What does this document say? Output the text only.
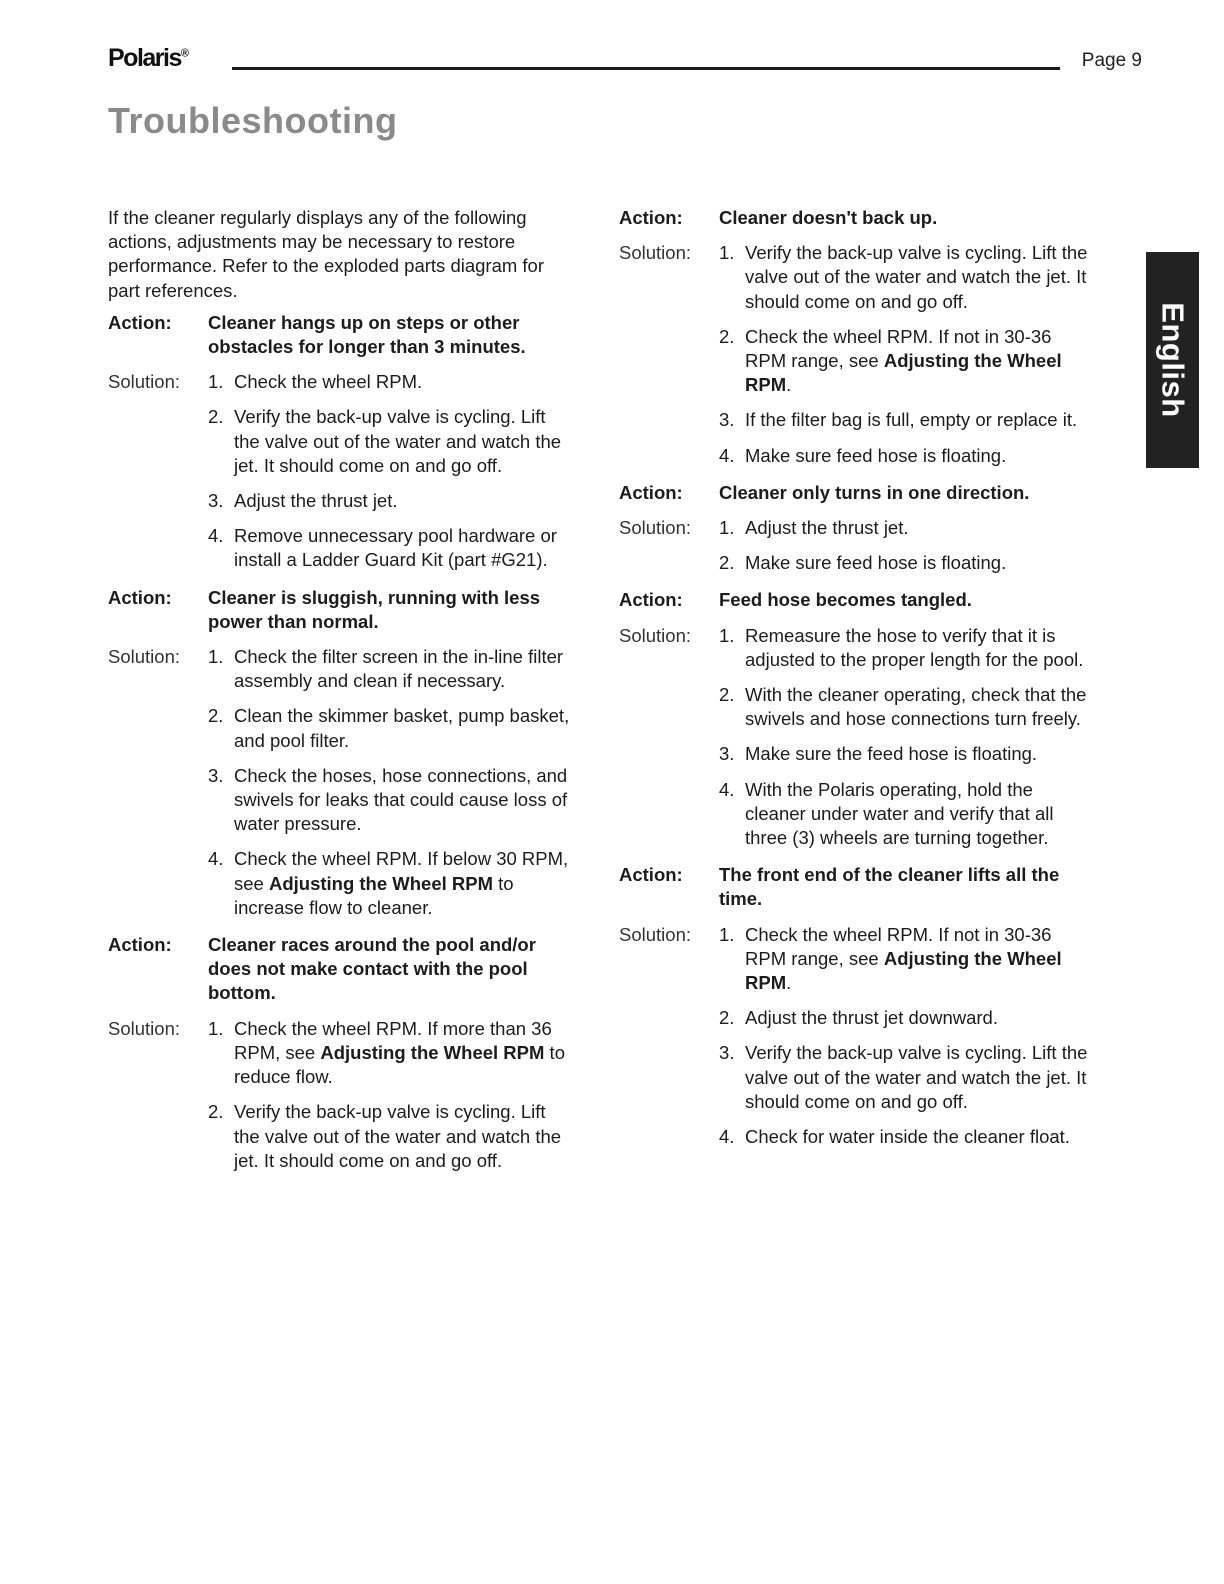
Polaris®	Page 9
Troubleshooting
English

If the cleaner regularly displays any of the following actions, adjustments may be necessary to restore performance. Refer to the exploded parts diagram for part references.

Action:	Cleaner hangs up on steps or other obstacles for longer than 3 minutes.
Solution:	1. Check the wheel RPM.
2. Verify the back-up valve is cycling. Lift the valve out of the water and watch the jet. It should come on and go off.
3. Adjust the thrust jet.
4. Remove unnecessary pool hardware or install a Ladder Guard Kit (part #G21).
Action:	Cleaner is sluggish, running with less power than normal.
Solution:	1. Check the filter screen in the in-line filter assembly and clean if necessary.
2. Clean the skimmer basket, pump basket, and pool filter.
3. Check the hoses, hose connections, and swivels for leaks that could cause loss of water pressure.
4. Check the wheel RPM. If below 30 RPM, see Adjusting the Wheel RPM to increase flow to cleaner.
Action:	Cleaner races around the pool and/or does not make contact with the pool bottom.
Solution:	1. Check the wheel RPM. If more than 36 RPM, see Adjusting the Wheel RPM to reduce flow.
2. Verify the back-up valve is cycling. Lift the valve out of the water and watch the jet. It should come on and go off.
Action:	Cleaner doesn't back up.
Solution:	1. Verify the back-up valve is cycling. Lift the valve out of the water and watch the jet. It should come on and go off.
2. Check the wheel RPM. If not in 30-36 RPM range, see Adjusting the Wheel RPM.
3. If the filter bag is full, empty or replace it.
4. Make sure feed hose is floating.
Action:	Cleaner only turns in one direction.
Solution:	1. Adjust the thrust jet.
2. Make sure feed hose is floating.
Action:	Feed hose becomes tangled.
Solution:	1. Remeasure the hose to verify that it is adjusted to the proper length for the pool.
2. With the cleaner operating, check that the swivels and hose connections turn freely.
3. Make sure the feed hose is floating.
4. With the Polaris operating, hold the cleaner under water and verify that all three (3) wheels are turning together.
Action:	The front end of the cleaner lifts all the time.
Solution:	1. Check the wheel RPM. If not in 30-36 RPM range, see Adjusting the Wheel RPM.
2. Adjust the thrust jet downward.
3. Verify the back-up valve is cycling. Lift the valve out of the water and watch the jet. It should come on and go off.
4. Check for water inside the cleaner float.
